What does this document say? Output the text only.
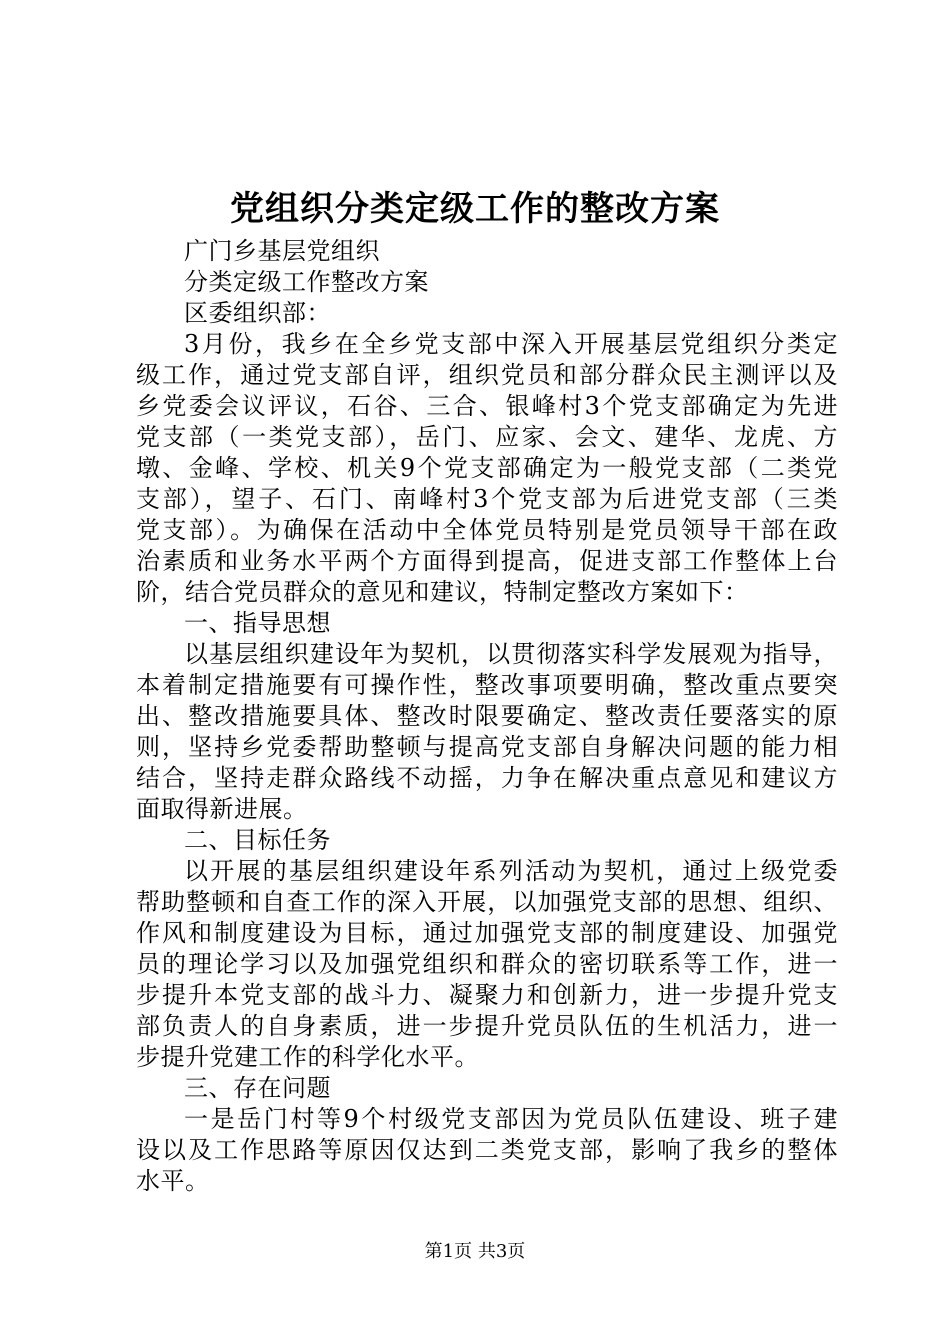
党组织分类定级工作的整改方案
广门乡基层党组织
分类定级工作整改方案
区委组织部：
3月份，我乡在全乡党支部中深入开展基层党组织分类定
级工作，通过党支部自评，组织党员和部分群众民主测评以及
乡党委会议评议，石谷、三合、银峰村3个党支部确定为先进
党支部（一类党支部），岳门、应家、会文、建华、龙虎、方
墩、金峰、学校、机关9个党支部确定为一般党支部（二类党
支部），望子、石门、南峰村3个党支部为后进党支部（三类
党支部）。为确保在活动中全体党员特别是党员领导干部在政
治素质和业务水平两个方面得到提高，促进支部工作整体上台
阶，结合党员群众的意见和建议，特制定整改方案如下：
一、指导思想
以基层组织建设年为契机，以贯彻落实科学发展观为指导，
本着制定措施要有可操作性，整改事项要明确，整改重点要突
出、整改措施要具体、整改时限要确定、整改责任要落实的原
则，坚持乡党委帮助整顿与提高党支部自身解决问题的能力相
结合，坚持走群众路线不动摇，力争在解决重点意见和建议方
面取得新进展。
二、目标任务
以开展的基层组织建设年系列活动为契机，通过上级党委
帮助整顿和自查工作的深入开展，以加强党支部的思想、组织、
作风和制度建设为目标，通过加强党支部的制度建设、加强党
员的理论学习以及加强党组织和群众的密切联系等工作，进一
步提升本党支部的战斗力、凝聚力和创新力，进一步提升党支
部负责人的自身素质，进一步提升党员队伍的生机活力，进一
步提升党建工作的科学化水平。
三、存在问题
一是岳门村等9个村级党支部因为党员队伍建设、班子建
设以及工作思路等原因仅达到二类党支部，影响了我乡的整体
水平。
第1页 共3页
